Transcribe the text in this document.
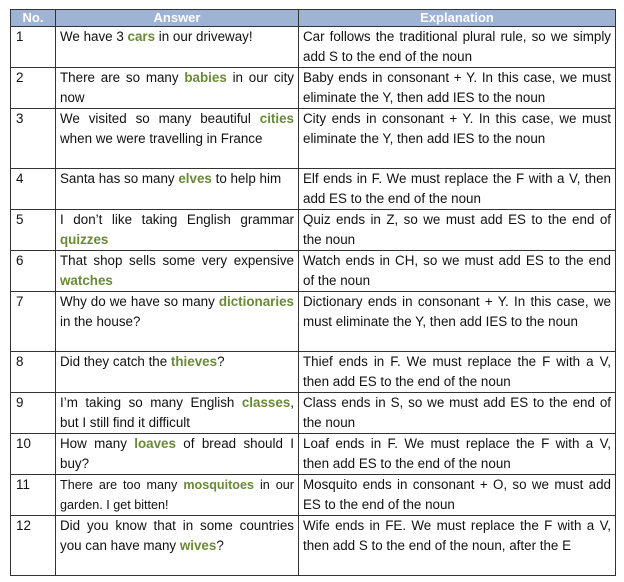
No.	Answer	Explanation
1	We have 3 cars in our driveway!	Car follows the traditional plural rule, so we simply add S to the end of the noun
2	There are so many babies in our city now	Baby ends in consonant + Y. In this case, we must eliminate the Y, then add IES to the noun
3	We visited so many beautiful cities when we were travelling in France	City ends in consonant + Y. In this case, we must eliminate the Y, then add IES to the noun
4	Santa has so many elves to help him	Elf ends in F. We must replace the F with a V, then add ES to the end of the noun
5	I don’t like taking English grammar quizzes	Quiz ends in Z, so we must add ES to the end of the noun
6	That shop sells some very expensive watches	Watch ends in CH, so we must add ES to the end of the noun
7	Why do we have so many dictionaries in the house?	Dictionary ends in consonant + Y. In this case, we must eliminate the Y, then add IES to the noun
8	Did they catch the thieves?	Thief ends in F. We must replace the F with a V, then add ES to the end of the noun
9	I’m taking so many English classes, but I still find it difficult	Class ends in S, so we must add ES to the end of the noun
10	How many loaves of bread should I buy?	Loaf ends in F. We must replace the F with a V, then add ES to the end of the noun
11	There are too many mosquitoes in our garden. I get bitten!	Mosquito ends in consonant + O, so we must add ES to the end of the noun
12	Did you know that in some countries you can have many wives?	Wife ends in FE. We must replace the F with a V, then add S to the end of the noun, after the E
